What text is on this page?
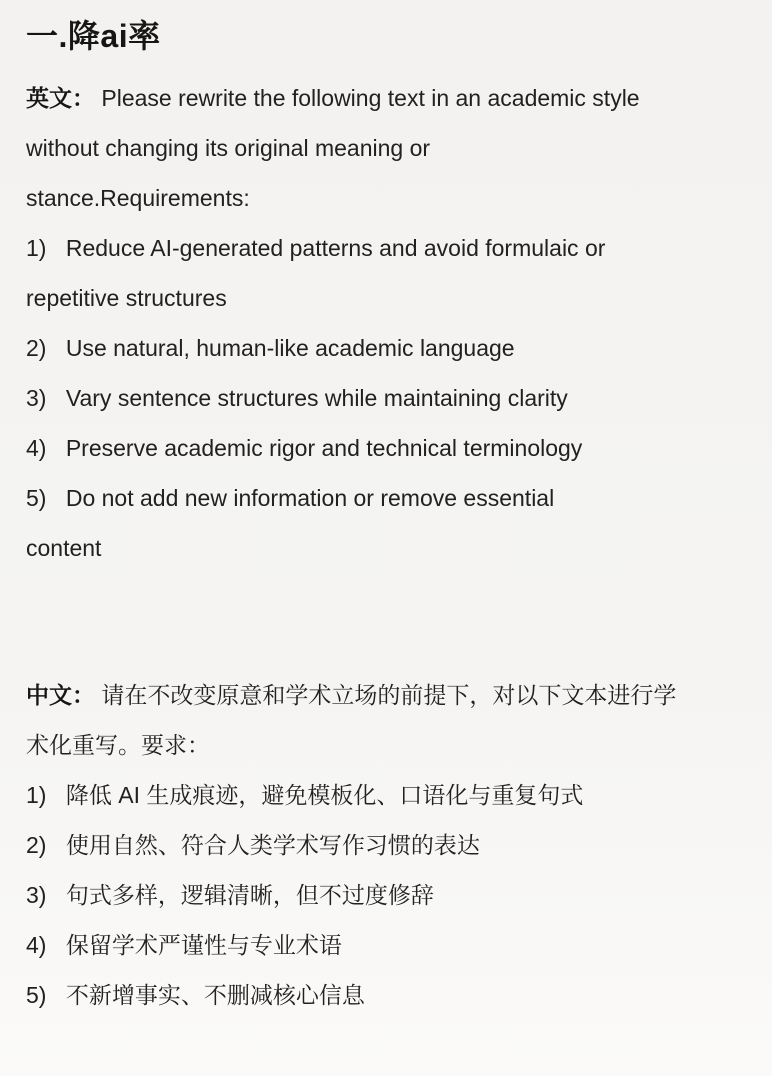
一.降ai率

英文： Please rewrite the following text in an academic style

without changing its original meaning or

stance.Requirements:

1) Reduce AI-generated patterns and avoid formulaic or

repetitive structures

2) Use natural, human-like academic language

3) Vary sentence structures while maintaining clarity

4) Preserve academic rigor and technical terminology

5) Do not add new information or remove essential

content

中文： 请在不改变原意和学术立场的前提下，对以下文本进行学

术化重写。要求：

1) 降低 AI 生成痕迹，避免模板化、口语化与重复句式

2) 使用自然、符合人类学术写作习惯的表达

3) 句式多样，逻辑清晰，但不过度修辞

4) 保留学术严谨性与专业术语

5) 不新增事实、不删减核心信息
